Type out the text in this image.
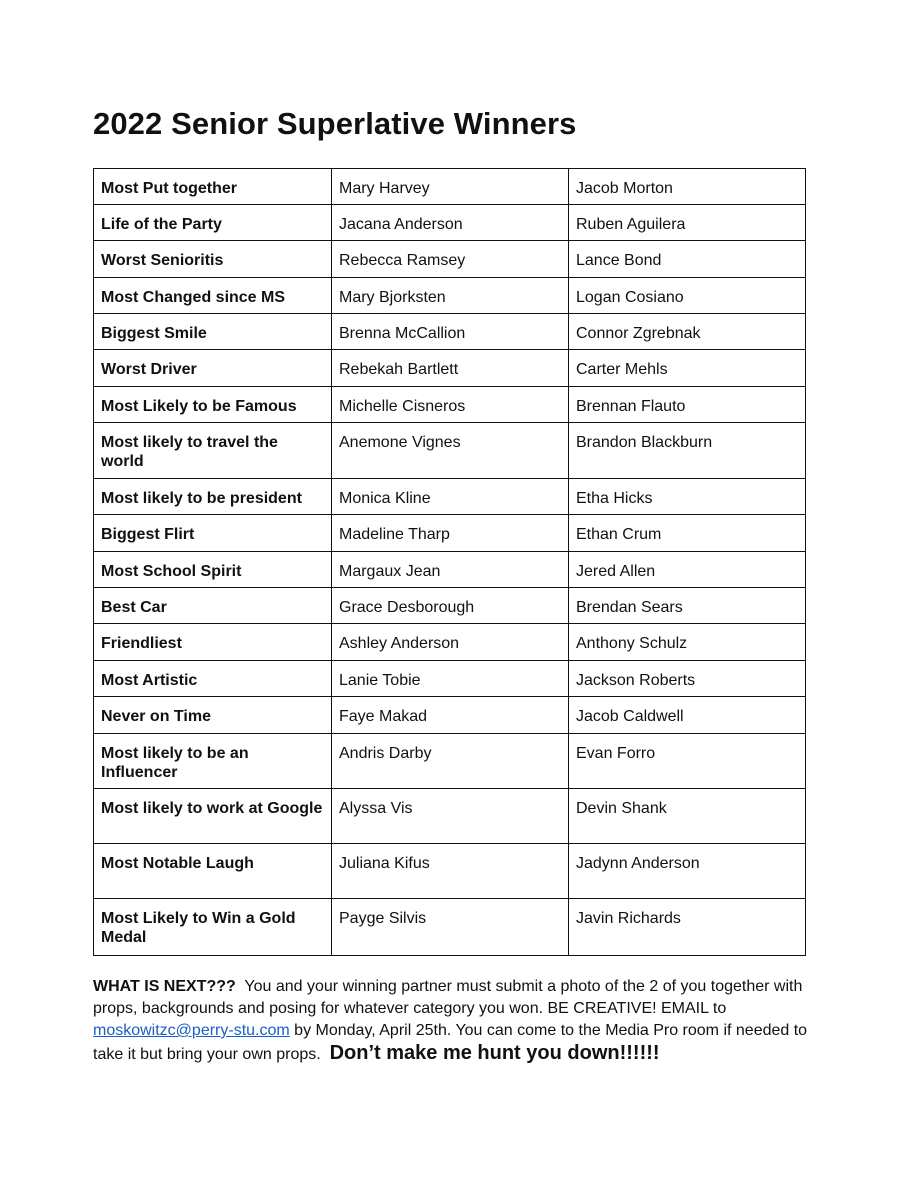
2022 Senior Superlative Winners
Most Put together	Mary Harvey	Jacob Morton
Life of the Party	Jacana Anderson	Ruben Aguilera
Worst Senioritis	Rebecca Ramsey	Lance Bond
Most Changed since MS	Mary Bjorksten	Logan Cosiano
Biggest Smile	Brenna McCallion	Connor Zgrebnak
Worst Driver	Rebekah Bartlett	Carter Mehls
Most Likely to be Famous	Michelle Cisneros	Brennan Flauto
Most likely to travel the world	Anemone Vignes	Brandon Blackburn
Most likely to be president	Monica Kline	Etha Hicks
Biggest Flirt	Madeline Tharp	Ethan Crum
Most School Spirit	Margaux Jean	Jered Allen
Best Car	Grace Desborough	Brendan Sears
Friendliest	Ashley Anderson	Anthony Schulz
Most Artistic	Lanie Tobie	Jackson Roberts
Never on Time	Faye Makad	Jacob Caldwell
Most likely to be an Influencer	Andris Darby	Evan Forro
Most likely to work at Google	Alyssa Vis	Devin Shank
Most Notable Laugh	Juliana Kifus	Jadynn Anderson
Most Likely to Win a Gold Medal	Payge Silvis	Javin Richards

WHAT IS NEXT??? You and your winning partner must submit a photo of the 2 of you together with props, backgrounds and posing for whatever category you won. BE CREATIVE! EMAIL to moskowitzc@perry-stu.com by Monday, April 25th. You can come to the Media Pro room if needed to take it but bring your own props. Don’t make me hunt you down!!!!!!
